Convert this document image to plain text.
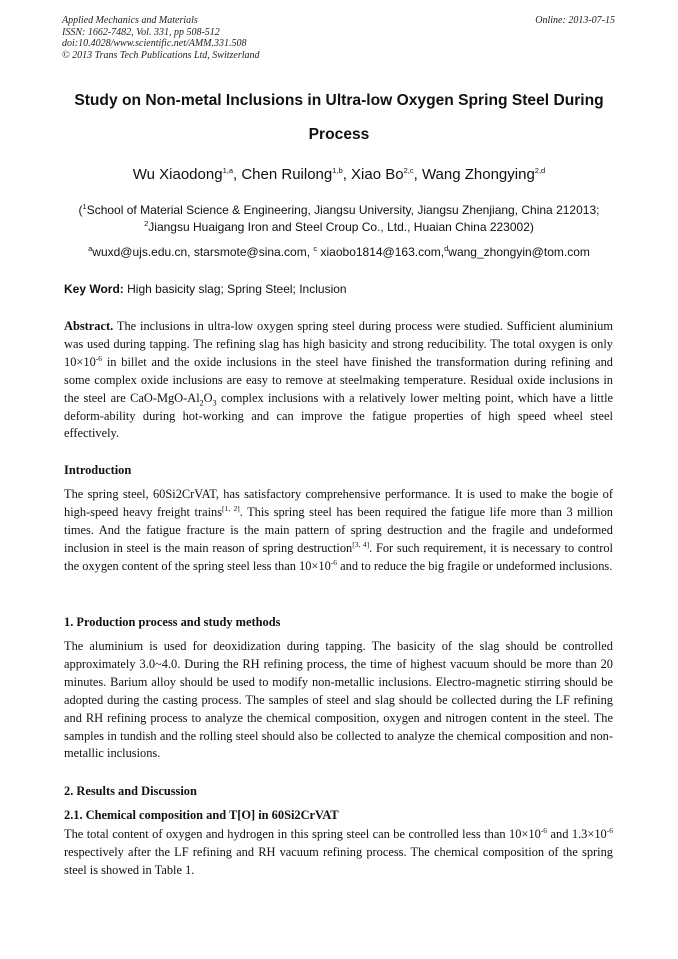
Applied Mechanics and Materials
ISSN: 1662-7482, Vol. 331, pp 508-512
doi:10.4028/www.scientific.net/AMM.331.508
© 2013 Trans Tech Publications Ltd, Switzerland
Online: 2013-07-15
Study on Non-metal Inclusions in Ultra-low Oxygen Spring Steel During
Process
Wu Xiaodong$^{1,a}$, Chen Ruilong$^{1,b}$, Xiao Bo$^{2,c}$, Wang Zhongying$^{2,d}$
($^1$School of Material Science & Engineering, Jiangsu University, Jiangsu Zhenjiang, China 212013;
$^2$Jiangsu Huaigang Iron and Steel Croup Co., Ltd., Huaian China 223002)
$^a$wuxd@ujs.edu.cn, starsmote@sina.com, $^c$ xiaobo1814@163.com,$^d$wang_zhongyin@tom.com
Key Word: High basicity slag; Spring Steel; Inclusion

Abstract. The inclusions in ultra-low oxygen spring steel during process were studied. Sufficient aluminium was used during tapping. The refining slag has high basicity and strong reducibility. The total oxygen is only $10\times 10^{-6}$ in billet and the oxide inclusions in the steel have finished the transformation during refining and some complex oxide inclusions are easy to remove at steelmaking temperature. Residual oxide inclusions in the steel are CaO-$MgO-Al_2O_3$ complex inclusions with a relatively lower melting point, which have a little deform-ability during hot-working and can improve the fatigue properties of high speed wheel steel effectively.

Introduction

The spring steel, 60Si2CrVAT, has satisfactory comprehensive performance. It is used to make the bogie of high-speed heavy freight trains[1, 2]. This spring steel has been required the fatigue life more than 3 million times. And the fatigue fracture is the main pattern of spring destruction and the fragile and undeformed inclusion in steel is the main reason of spring destruction[3, 4]. For such requirement, it is necessary to control the oxygen content of the spring steel less than $10\times 10^{-6}$ and to reduce the big fragile or undeformed inclusions.

1. Production process and study methods

The aluminium is used for deoxidization during tapping. The basicity of the slag should be controlled approximately 3.0~4.0. During the RH refining process, the time of highest vacuum should be more than 20 minutes. Barium alloy should be used to modify non-metallic inclusions. Electro-magnetic stirring should be adopted during the casting process. The samples of steel and slag should be collected during the LF refining and RH refining process to analyze the chemical composition, oxygen and nitrogen content in the steel. The samples in tundish and the rolling steel should also be collected to analyze the chemical composition and non-metallic inclusions.

2. Results and Discussion
2.1. Chemical composition and T[O] in 60Si2CrVAT

The total content of oxygen and hydrogen in this spring steel can be controlled less than $10\times 10^{-6}$ and $1.3\times 10^{-6}$ respectively after the LF refining and RH vacuum refining process. The chemical composition of the spring steel is showed in Table 1.
